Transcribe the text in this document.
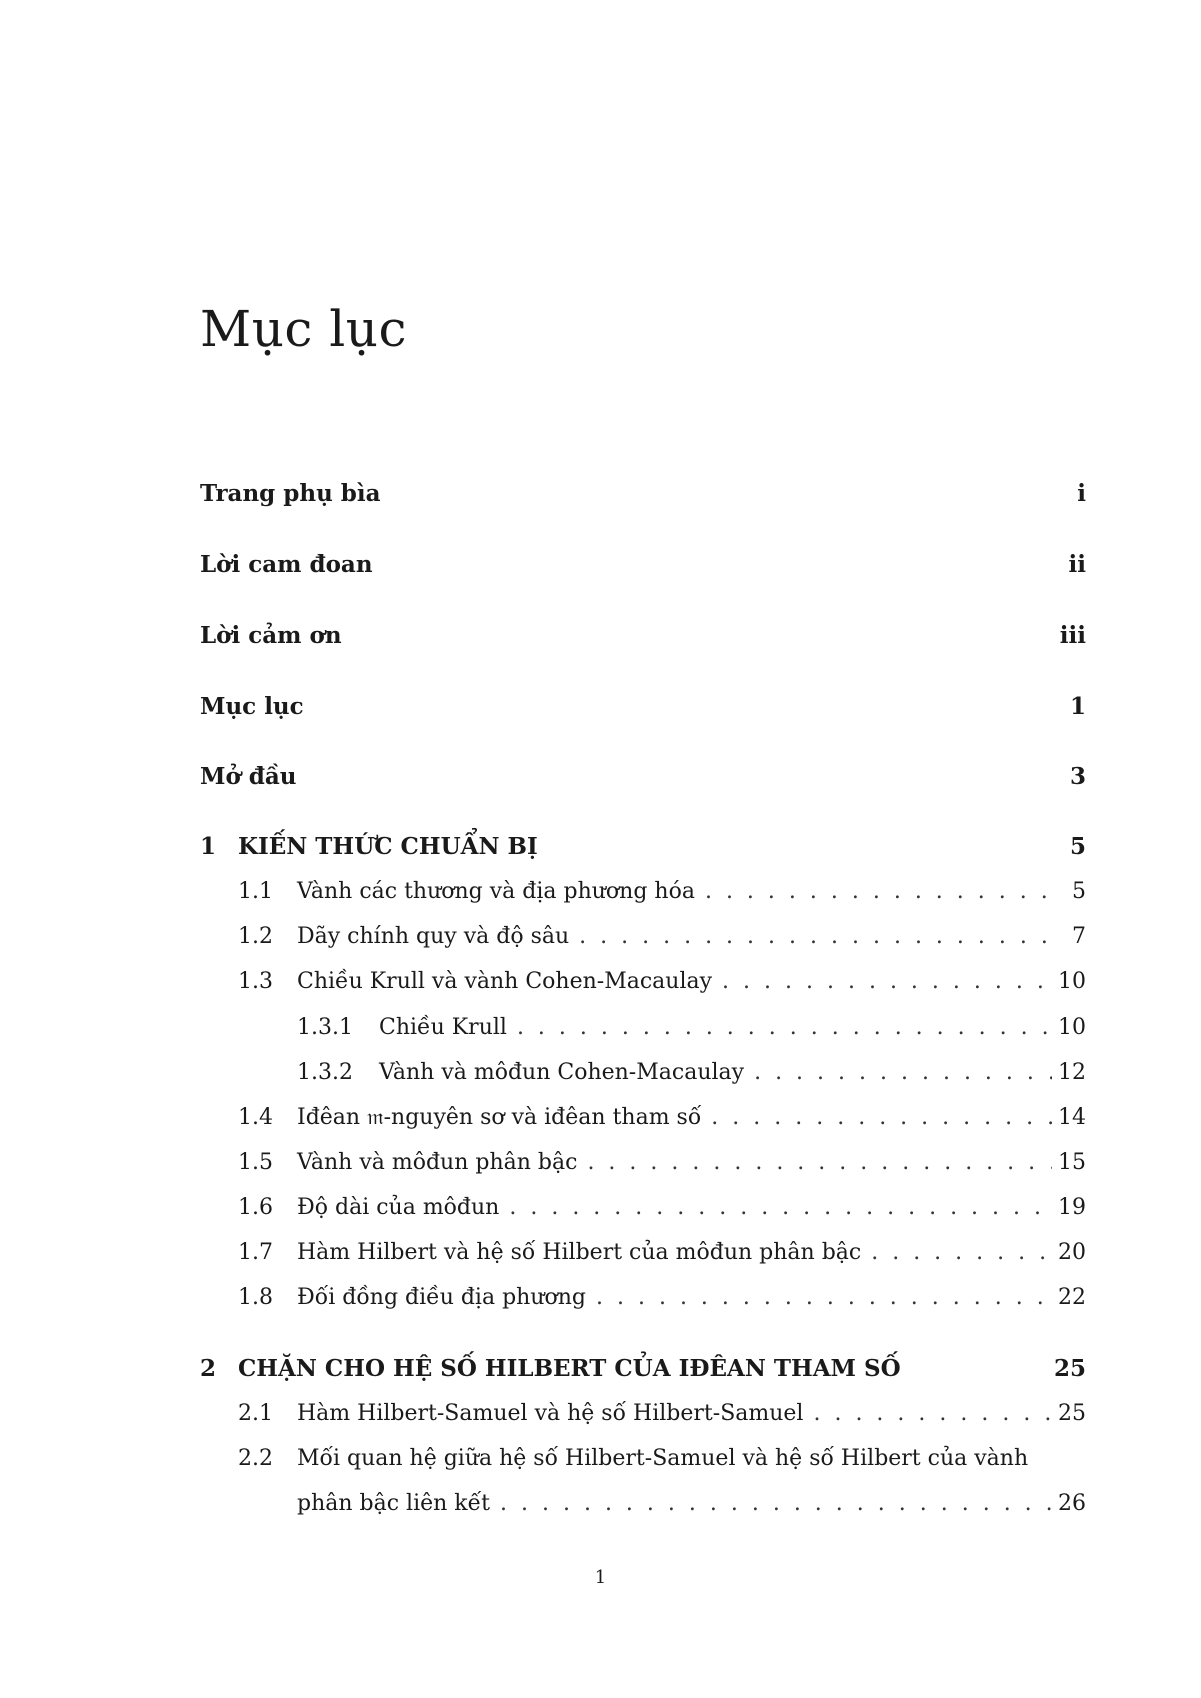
Mục lục
Trang phụ bìa	i
Lời cam đoan	ii
Lời cảm ơn	iii
Mục lục	1
Mở đầu	3
1 KIẾN THỨC CHUẨN BỊ	5
1.1	Vành các thương và địa phương hóa . . .	5
1.2	Dãy chính quy và độ sâu . . .	7
1.3	Chiều Krull và vành Cohen-Macaulay . . .	10
1.3.1	Chiều Krull . . .	10
1.3.2	Vành và môđun Cohen-Macaulay . . .	12
1.4	Iđêan 𝔪-nguyên sơ và iđêan tham số . . .	14
1.5	Vành và môđun phân bậc . . .	15
1.6	Độ dài của môđun . . .	19
1.7	Hàm Hilbert và hệ số Hilbert của môđun phân bậc . . .	20
1.8	Đối đồng điều địa phương . . .	22
2 CHẶN CHO HỆ SỐ HILBERT CỦA IĐÊAN THAM SỐ	25
2.1	Hàm Hilbert-Samuel và hệ số Hilbert-Samuel . . .	25
2.2	Mối quan hệ giữa hệ số Hilbert-Samuel và hệ số Hilbert của vành
phân bậc liên kết . . .	26
1
